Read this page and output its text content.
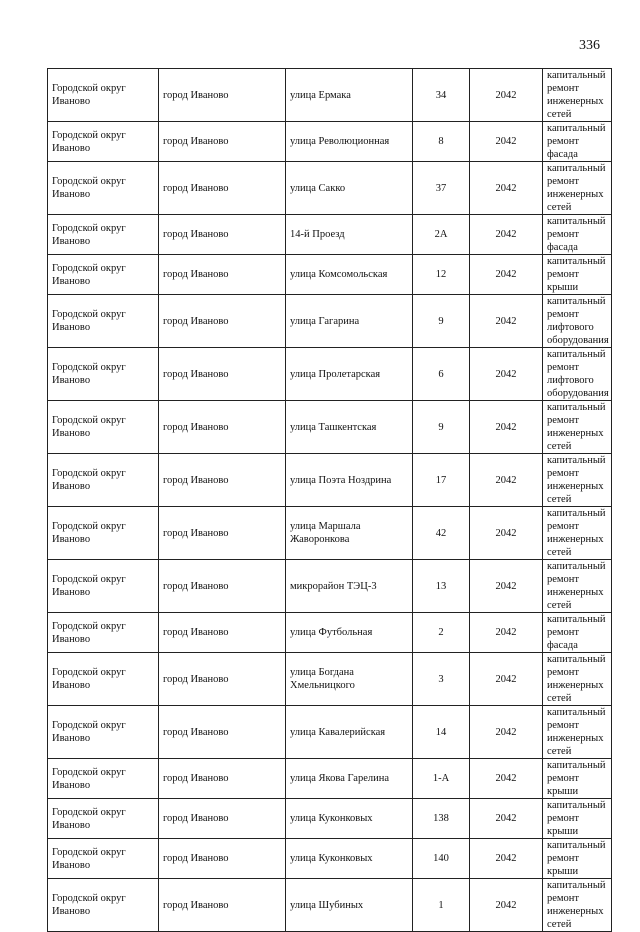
336
Городской округ Иваново	город Иваново	улица Ермака	34	2042	капитальный ремонт инженерных сетей
Городской округ Иваново	город Иваново	улица Революционная	8	2042	капитальный ремонт фасада
Городской округ Иваново	город Иваново	улица Сакко	37	2042	капитальный ремонт инженерных сетей
Городской округ Иваново	город Иваново	14-й Проезд	2А	2042	капитальный ремонт фасада
Городской округ Иваново	город Иваново	улица Комсомольская	12	2042	капитальный ремонт крыши
Городской округ Иваново	город Иваново	улица Гагарина	9	2042	капитальный ремонт лифтового оборудования
Городской округ Иваново	город Иваново	улица Пролетарская	6	2042	капитальный ремонт лифтового оборудования
Городской округ Иваново	город Иваново	улица Ташкентская	9	2042	капитальный ремонт инженерных сетей
Городской округ Иваново	город Иваново	улица Поэта Ноздрина	17	2042	капитальный ремонт инженерных сетей
Городской округ Иваново	город Иваново	улица Маршала Жаворонкова	42	2042	капитальный ремонт инженерных сетей
Городской округ Иваново	город Иваново	микрорайон ТЭЦ-3	13	2042	капитальный ремонт инженерных сетей
Городской округ Иваново	город Иваново	улица Футбольная	2	2042	капитальный ремонт фасада
Городской округ Иваново	город Иваново	улица Богдана Хмельницкого	3	2042	капитальный ремонт инженерных сетей
Городской округ Иваново	город Иваново	улица Кавалерийская	14	2042	капитальный ремонт инженерных сетей
Городской округ Иваново	город Иваново	улица Якова Гарелина	1-А	2042	капитальный ремонт крыши
Городской округ Иваново	город Иваново	улица Куконковых	138	2042	капитальный ремонт крыши
Городской округ Иваново	город Иваново	улица Куконковых	140	2042	капитальный ремонт крыши
Городской округ Иваново	город Иваново	улица Шубиных	1	2042	капитальный ремонт инженерных сетей
